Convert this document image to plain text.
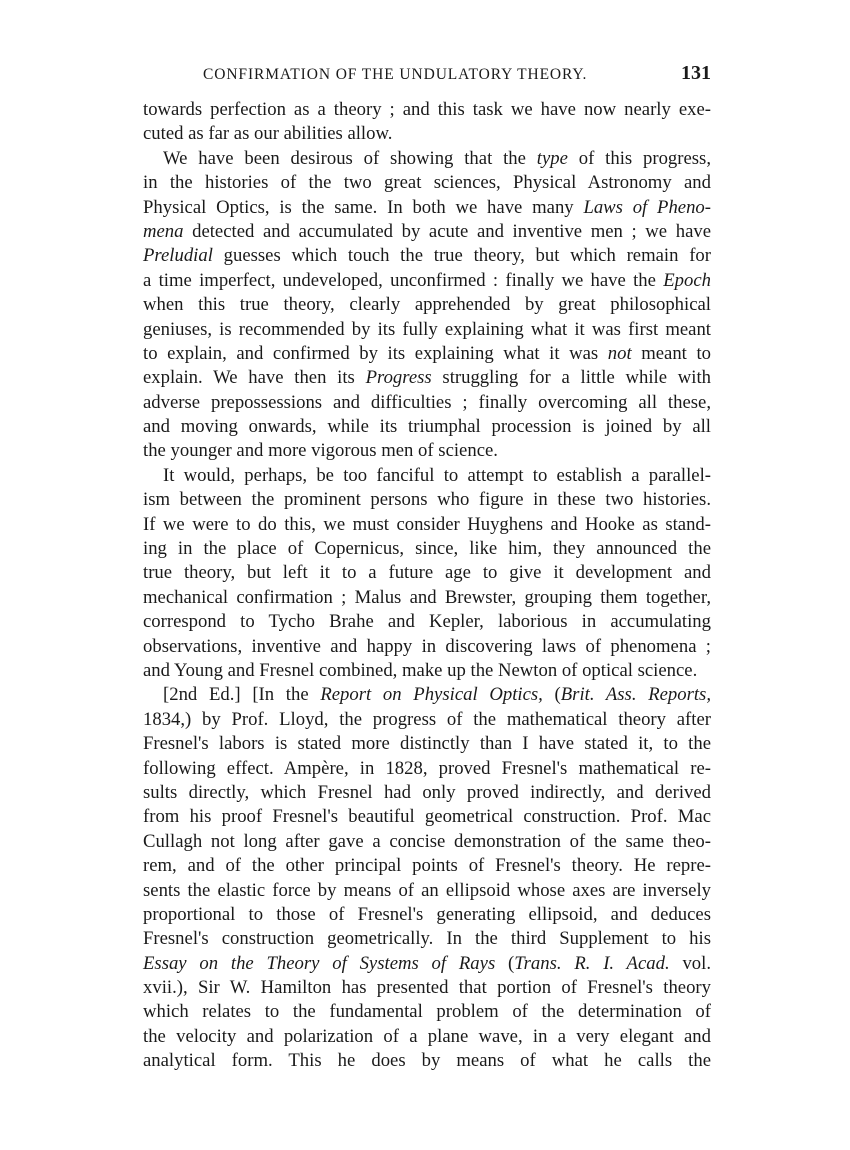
CONFIRMATION OF THE UNDULATORY THEORY.	131
towards perfection as a theory ; and this task we have now nearly exe-
cuted as far as our abilities allow.
We have been desirous of showing that the type of this progress,
in the histories of the two great sciences, Physical Astronomy and
Physical Optics, is the same. In both we have many Laws of Pheno-
mena detected and accumulated by acute and inventive men ; we have
Preludial guesses which touch the true theory, but which remain for
a time imperfect, undeveloped, unconfirmed : finally we have the Epoch
when this true theory, clearly apprehended by great philosophical
geniuses, is recommended by its fully explaining what it was first meant
to explain, and confirmed by its explaining what it was not meant to
explain. We have then its Progress struggling for a little while with
adverse prepossessions and difficulties ; finally overcoming all these,
and moving onwards, while its triumphal procession is joined by all
the younger and more vigorous men of science.
It would, perhaps, be too fanciful to attempt to establish a parallel-
ism between the prominent persons who figure in these two histories.
If we were to do this, we must consider Huyghens and Hooke as stand-
ing in the place of Copernicus, since, like him, they announced the
true theory, but left it to a future age to give it development and
mechanical confirmation ; Malus and Brewster, grouping them together,
correspond to Tycho Brahe and Kepler, laborious in accumulating
observations, inventive and happy in discovering laws of phenomena ;
and Young and Fresnel combined, make up the Newton of optical science.
[2nd Ed.] [In the Report on Physical Optics, (Brit. Ass. Reports,
1834,) by Prof. Lloyd, the progress of the mathematical theory after
Fresnel's labors is stated more distinctly than I have stated it, to the
following effect. Ampère, in 1828, proved Fresnel's mathematical re-
sults directly, which Fresnel had only proved indirectly, and derived
from his proof Fresnel's beautiful geometrical construction. Prof. Mac
Cullagh not long after gave a concise demonstration of the same theo-
rem, and of the other principal points of Fresnel's theory. He repre-
sents the elastic force by means of an ellipsoid whose axes are inversely
proportional to those of Fresnel's generating ellipsoid, and deduces
Fresnel's construction geometrically. In the third Supplement to his
Essay on the Theory of Systems of Rays (Trans. R. I. Acad. vol.
xvii.), Sir W. Hamilton has presented that portion of Fresnel's theory
which relates to the fundamental problem of the determination of
the velocity and polarization of a plane wave, in a very elegant and
analytical form. This he does by means of what he calls the
